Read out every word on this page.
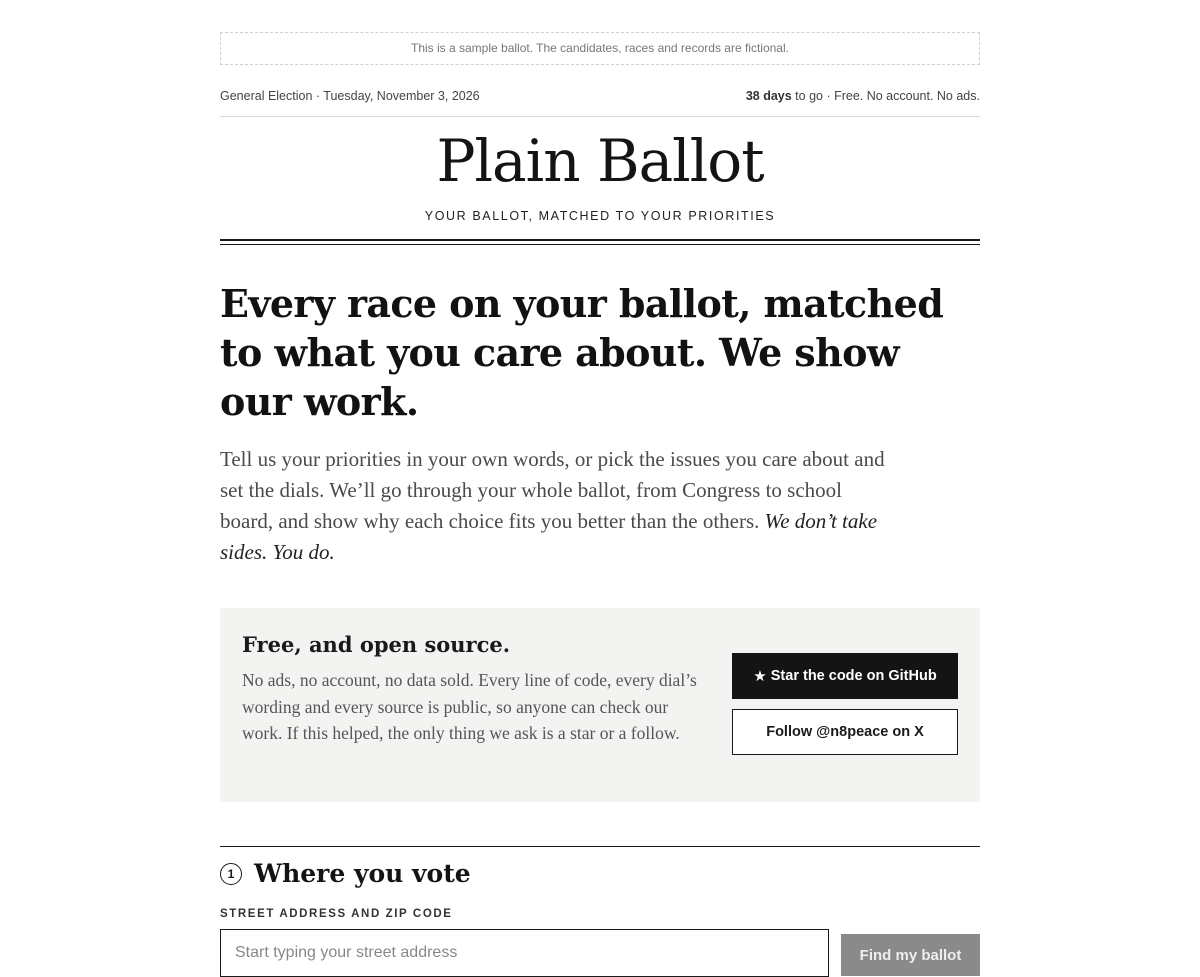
This is a sample ballot. The candidates, races and records are fictional.
General Election · Tuesday, November 3, 2026	38 days to go · Free. No account. No ads.
Plain Ballot
YOUR BALLOT, MATCHED TO YOUR PRIORITIES
Every race on your ballot, matched to what you care about. We show our work.
Tell us your priorities in your own words, or pick the issues you care about and set the dials. We’ll go through your whole ballot, from Congress to school board, and show why each choice fits you better than the others. We don’t take sides. You do.
Free, and open source.
No ads, no account, no data sold. Every line of code, every dial’s wording and every source is public, so anyone can check our work. If this helped, the only thing we ask is a star or a follow.
★ Star the code on GitHub
Follow @n8peace on X
1 Where you vote
STREET ADDRESS AND ZIP CODE
Start typing your street address
Find my ballot
